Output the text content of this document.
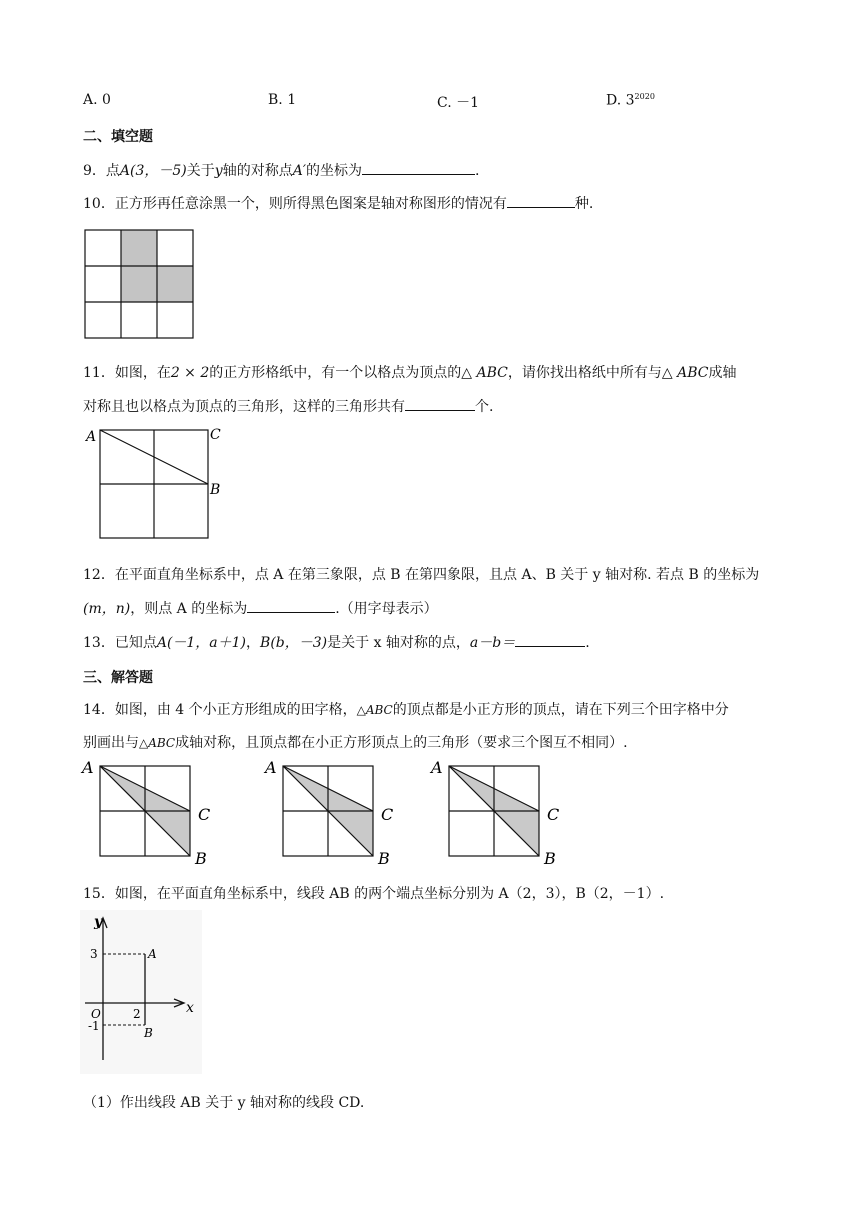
A. 0	B. 1	C. －1	D. $3^{2020}$
二、填空题
9．点A(3，－5)关于y轴的对称点A′的坐标为	.
10．正方形再任意涂黑一个，则所得黑色图案是轴对称图形的情况有	种.
11．如图，在2 × 2的正方形格纸中，有一个以格点为顶点的△ ABC，请你找出格纸中所有与△ ABC成轴
对称且也以格点为顶点的三角形，这样的三角形共有	个.
A	C
B
12．在平面直角坐标系中，点 A 在第三象限，点 B 在第四象限，且点 A、B 关于 y 轴对称. 若点 B 的坐标为
(m，n)，则点 A 的坐标为	.（用字母表示）
13．已知点A(－1，a＋1)，B(b，－3)是关于 x 轴对称的点，a－b＝	.
三、解答题
14．如图，由 4 个小正方形组成的田字格，△ABC的顶点都是小正方形的顶点，请在下列三个田字格中分
别画出与△ABC成轴对称，且顶点都在小正方形顶点上的三角形（要求三个图互不相同）.
A
C
B
A
C
B
A
C
B
15．如图，在平面直角坐标系中，线段 AB 的两个端点坐标分别为 A（2，3），B（2，－1）.
y
x
3
2
O
-1
A
B
（1）作出线段 AB 关于 y 轴对称的线段 CD.
